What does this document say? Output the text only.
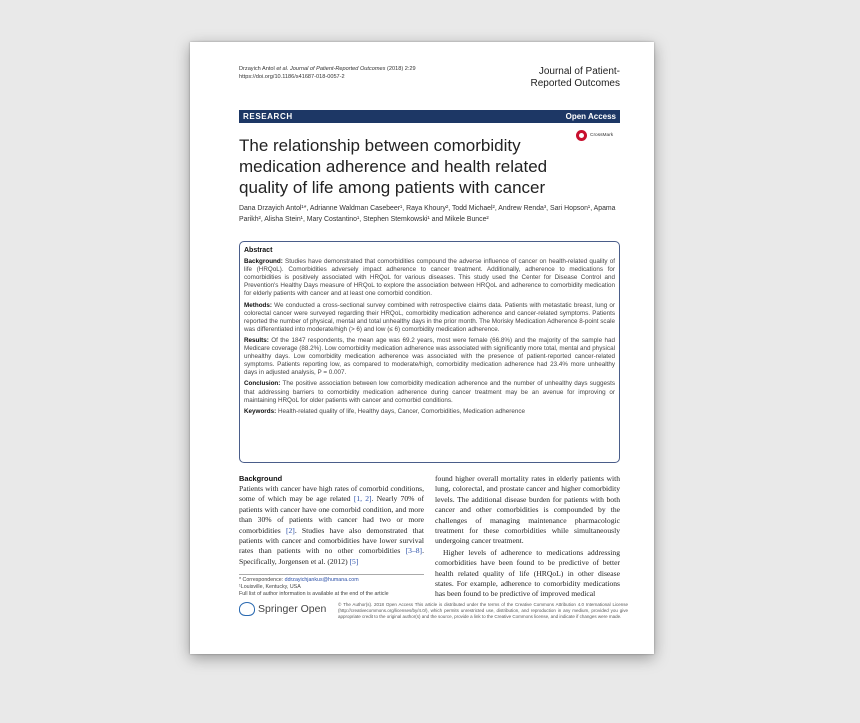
Drzayich Antol et al. Journal of Patient-Reported Outcomes (2018) 2:29
https://doi.org/10.1186/s41687-018-0057-2	Journal of Patient-
Reported Outcomes
RESEARCH	Open Access
CrossMark
The relationship between comorbidity medication adherence and health related quality of life among patients with cancer
Dana Drzayich Antol¹*, Adrianne Waldman Casebeer¹, Raya Khoury², Todd Michael², Andrew Renda³, Sari Hopson¹, Apama Parikh², Alisha Stein¹, Mary Costantino¹, Stephen Stemkowski¹ and Mikele Bunce²
Abstract

Background: Studies have demonstrated that comorbidities compound the adverse influence of cancer on health-related quality of life (HRQoL). Comorbidities adversely impact adherence to cancer treatment. Additionally, adherence to medications for comorbidities is positively associated with HRQoL for various diseases. This study used the Center for Disease Control and Prevention's Healthy Days measure of HRQoL to explore the association between HRQoL and adherence to comorbidity medication for elderly patients with cancer and at least one comorbid condition.

Methods: We conducted a cross-sectional survey combined with retrospective claims data. Patients with metastatic breast, lung or colorectal cancer were surveyed regarding their HRQoL, comorbidity medication adherence and cancer-related symptoms. Patients reported the number of physical, mental and total unhealthy days in the prior month. The Morisky Medication Adherence 8-point scale was differentiated into moderate/high (> 6) and low (≤ 6) comorbidity medication adherence.

Results: Of the 1847 respondents, the mean age was 69.2 years, most were female (66.8%) and the majority of the sample had Medicare coverage (88.2%). Low comorbidity medication adherence was associated with significantly more total, mental and physical unhealthy days. Low comorbidity medication adherence was associated with the presence of patient-reported cancer-related symptoms. Patients reporting low, as compared to moderate/high, comorbidity medication adherence had 23.4% more unhealthy days in adjusted analysis, P = 0.007.

Conclusion: The positive association between low comorbidity medication adherence and the number of unhealthy days suggests that addressing barriers to comorbidity medication adherence during cancer treatment may be an avenue for improving or maintaining HRQoL for older patients with cancer and comorbid conditions.

Keywords: Health-related quality of life, Healthy days, Cancer, Comorbidities, Medication adherence

Background

Patients with cancer have high rates of comorbid conditions, some of which may be age related [1, 2]. Nearly 70% of patients with cancer have one comorbid condition, and more than 30% of patients with cancer had two or more comorbidities [2]. Studies have also demonstrated that patients with cancer and comorbidities have lower survival rates than patients with no other comorbidities [3–8]. Specifically, Jorgensen et al. (2012) [5]

found higher overall mortality rates in elderly patients with lung, colorectal, and prostate cancer and higher comorbidity levels. The additional disease burden for patients with both cancer and other comorbidities is compounded by the challenges of managing maintenance pharmacologic treatment for these comorbidities while simultaneously undergoing cancer treatment.

Higher levels of adherence to medications addressing comorbidities have been found to be predictive of better health related quality of life (HRQoL) in other disease states. For example, adherence to comorbidity medications has been found to be predictive of improved medical

* Correspondence: ddrzayichjankus@humana.com
¹Louisville, Kentucky, USA
Full list of author information is available at the end of the article
Springer Open	© The Author(s). 2018 Open Access This article is distributed under the terms of the Creative Commons Attribution 4.0 International License (http://creativecommons.org/licenses/by/4.0/), which permits unrestricted use, distribution, and reproduction in any medium, provided you give appropriate credit to the original author(s) and the source, provide a link to the Creative Commons license, and indicate if changes were made.
